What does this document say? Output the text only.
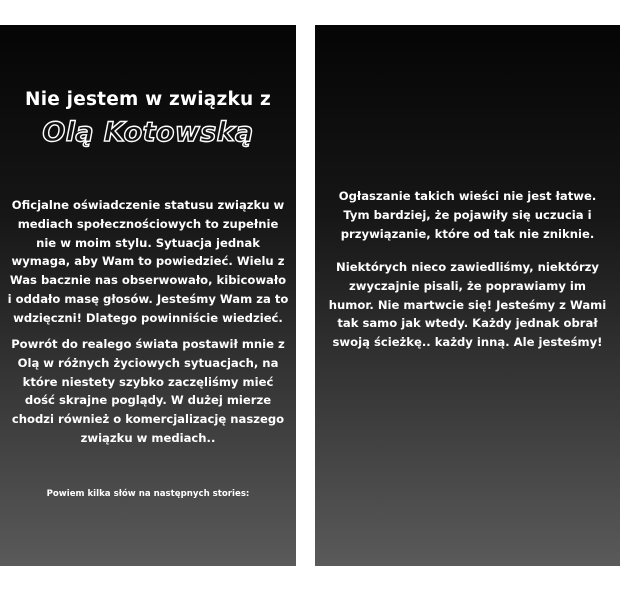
Nie jestem w związku z
Olą Kotowską

Oficjalne oświadczenie statusu związku w
mediach społecznościowych to zupełnie
nie w moim stylu. Sytuacja jednak
wymaga, aby Wam to powiedzieć. Wielu z
Was bacznie nas obserwowało, kibicowało
i oddało masę głosów. Jesteśmy Wam za to
wdzięczni! Dlatego powinniście wiedzieć.

Powrót do realego świata postawił mnie z
Olą w różnych życiowych sytuacjach, na
które niestety szybko zaczęliśmy mieć
dość skrajne poglądy. W dużej mierze
chodzi również o komercjalizację naszego
związku w mediach..

Powiem kilka słów na następnych stories:

Ogłaszanie takich wieści nie jest łatwe.
Tym bardziej, że pojawiły się uczucia i
przywiązanie, które od tak nie zniknie.

Niektórych nieco zawiedliśmy, niektórzy
zwyczajnie pisali, że poprawiamy im
humor. Nie martwcie się! Jesteśmy z Wami
tak samo jak wtedy. Każdy jednak obrał
swoją ścieżkę.. każdy inną. Ale jesteśmy!
